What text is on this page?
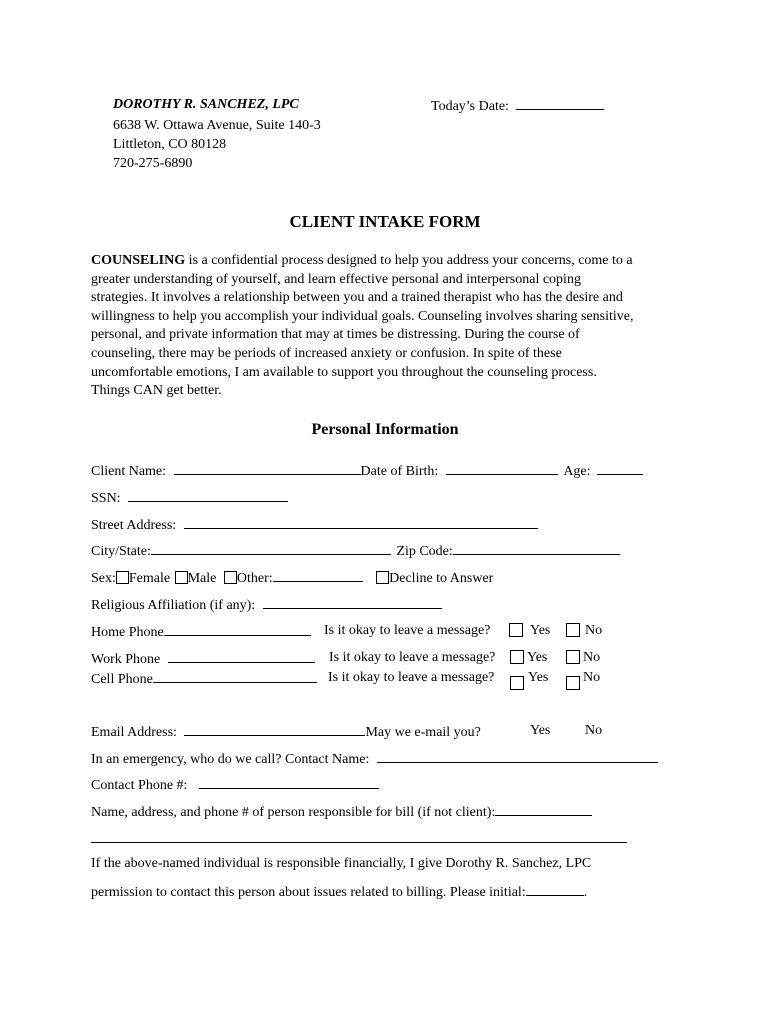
DOROTHY R. SANCHEZ, LPC
6638 W. Ottawa Avenue, Suite 140-3
Littleton, CO 80128
720-275-6890
Today’s Date:
CLIENT INTAKE FORM
COUNSELING is a confidential process designed to help you address your concerns, come to a
greater understanding of yourself, and learn effective personal and interpersonal coping
strategies. It involves a relationship between you and a trained therapist who has the desire and
willingness to help you accomplish your individual goals. Counseling involves sharing sensitive,
personal, and private information that may at times be distressing. During the course of
counseling, there may be periods of increased anxiety or confusion. In spite of these
uncomfortable emotions, I am available to support you throughout the counseling process.
Things CAN get better.
Personal Information
Client Name:	Date of Birth:	Age:
SSN:
Street Address:
City/State:	Zip Code:
Sex: Female Male Other:	Decline to Answer
Religious Affiliation (if any):
Home Phone	Is it okay to leave a message?	Yes No
Work Phone	Is it okay to leave a message? Yes	No
Cell Phone	Is it okay to leave a message? Yes No
Email Address:	May we e-mail you?	Yes No
In an emergency, who do we call? Contact Name:
Contact Phone #:
Name, address, and phone # of person responsible for bill (if not client):
If the above-named individual is responsible financially, I give Dorothy R. Sanchez, LPC
permission to contact this person about issues related to billing. Please initial:	.
